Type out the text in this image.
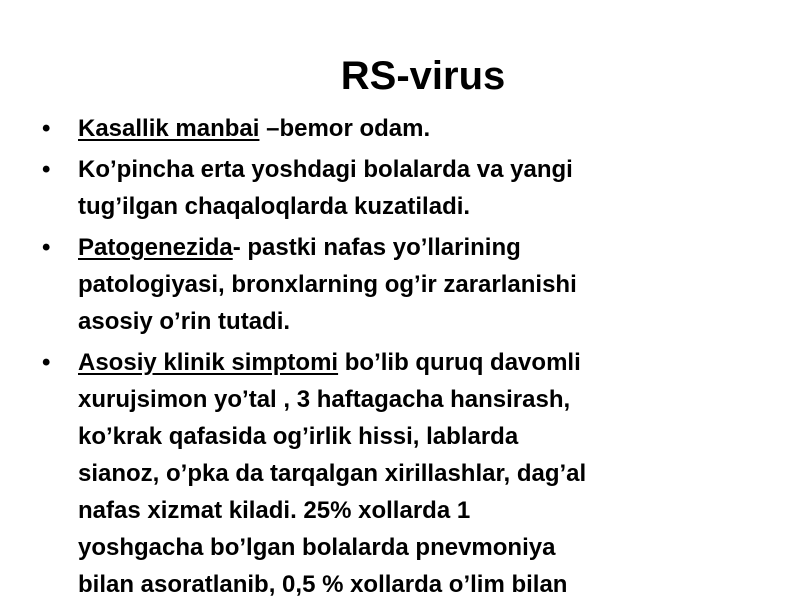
RS-virus
• Kasallik manbai –bemor odam.
• Ko’pincha erta yoshdagi bolalarda va yangi
tug’ilgan chaqaloqlarda kuzatiladi.
• Patogenezida- pastki nafas yo’llarining
patologiyasi, bronxlarning og’ir zararlanishi
asosiy o’rin tutadi.
• Asosiy klinik simptomi bo’lib quruq davomli
xurujsimon yo’tal , 3 haftagacha hansirash,
ko’krak qafasida og’irlik hissi, lablarda
sianoz, o’pka da tarqalgan xirillashlar, dag’al
nafas xizmat kiladi. 25% xollarda 1
yoshgacha bo’lgan bolalarda pnevmoniya
bilan asoratlanib, 0,5 % xollarda o’lim bilan
